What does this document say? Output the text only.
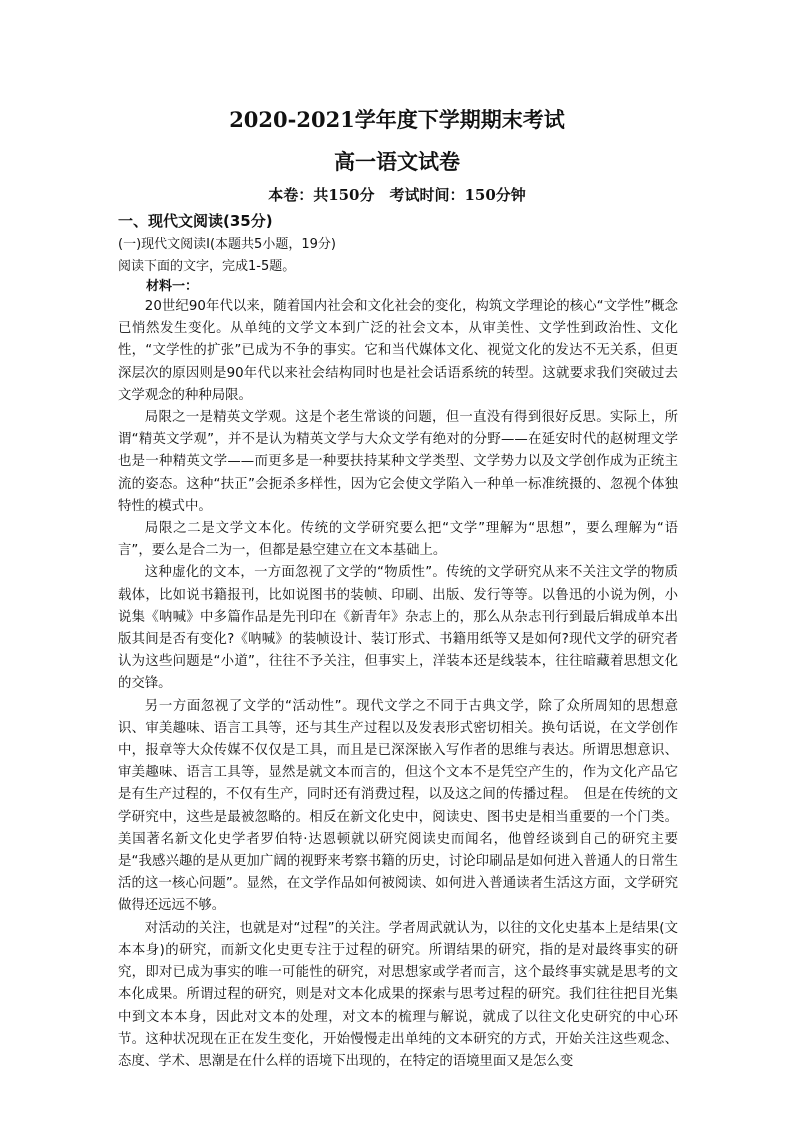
2020-2021学年度下学期期末考试
高一语文试卷
本卷：共150分　考试时间：150分钟
一、现代文阅读(35分)
(一)现代文阅读Ⅰ(本题共5小题，19分)
阅读下面的文字，完成1-5题。
材料一：

20世纪90年代以来，随着国内社会和文化社会的变化，构筑文学理论的核心“文学性”概念已悄然发生变化。从单纯的文学文本到广泛的社会文本，从审美性、文学性到政治性、文化性，“文学性的扩张”已成为不争的事实。它和当代媒体文化、视觉文化的发达不无关系，但更深层次的原因则是90年代以来社会结构同时也是社会话语系统的转型。这就要求我们突破过去文学观念的种种局限。

局限之一是精英文学观。这是个老生常谈的问题，但一直没有得到很好反思。实际上，所谓“精英文学观”，并不是认为精英文学与大众文学有绝对的分野——在延安时代的赵树理文学也是一种精英文学——而更多是一种要扶持某种文学类型、文学势力以及文学创作成为正统主流的姿态。这种“扶正”会扼杀多样性，因为它会使文学陷入一种单一标准统摄的、忽视个体独特性的模式中。

局限之二是文学文本化。传统的文学研究要么把“文学”理解为“思想”，要么理解为“语言”，要么是合二为一，但都是悬空建立在文本基础上。

这种虚化的文本，一方面忽视了文学的“物质性”。传统的文学研究从来不关注文学的物质载体，比如说书籍报刊，比如说图书的装帧、印刷、出版、发行等等。以鲁迅的小说为例，小说集《呐喊》中多篇作品是先刊印在《新青年》杂志上的，那么从杂志刊行到最后辑成单本出版其间是否有变化?《呐喊》的装帧设计、装订形式、书籍用纸等又是如何?现代文学的研究者认为这些问题是“小道”，往往不予关注，但事实上，洋装本还是线装本，往往暗藏着思想文化的交锋。

另一方面忽视了文学的“活动性”。现代文学之不同于古典文学，除了众所周知的思想意识、审美趣味、语言工具等，还与其生产过程以及发表形式密切相关。换句话说，在文学创作中，报章等大众传媒不仅仅是工具，而且是已深深嵌入写作者的思维与表达。所谓思想意识、审美趣味、语言工具等，显然是就文本而言的，但这个文本不是凭空产生的，作为文化产品它是有生产过程的，不仅有生产，同时还有消费过程，以及这之间的传播过程。　但是在传统的文学研究中，这些是最被忽略的。相反在新文化史中，阅读史、图书史是相当重要的一个门类。美国著名新文化史学者罗伯特·达恩顿就以研究阅读史而闻名，他曾经谈到自己的研究主要是“我感兴趣的是从更加广阔的视野来考察书籍的历史，讨论印刷品是如何进入普通人的日常生活的这一核心问题”。显然，在文学作品如何被阅读、如何进入普通读者生活这方面，文学研究做得还远远不够。

对活动的关注，也就是对“过程”的关注。学者周武就认为，以往的文化史基本上是结果(文本本身)的研究，而新文化史更专注于过程的研究。所谓结果的研究，指的是对最终事实的研究，即对已成为事实的唯一可能性的研究，对思想家或学者而言，这个最终事实就是思考的文本化成果。所谓过程的研究，则是对文本化成果的探索与思考过程的研究。我们往往把目光集中到文本本身，因此对文本的处理，对文本的梳理与解说，就成了以往文化史研究的中心环节。这种状况现在正在发生变化，开始慢慢走出单纯的文本研究的方式，开始关注这些观念、态度、学术、思潮是在什么样的语境下出现的，在特定的语境里面又是怎么变
